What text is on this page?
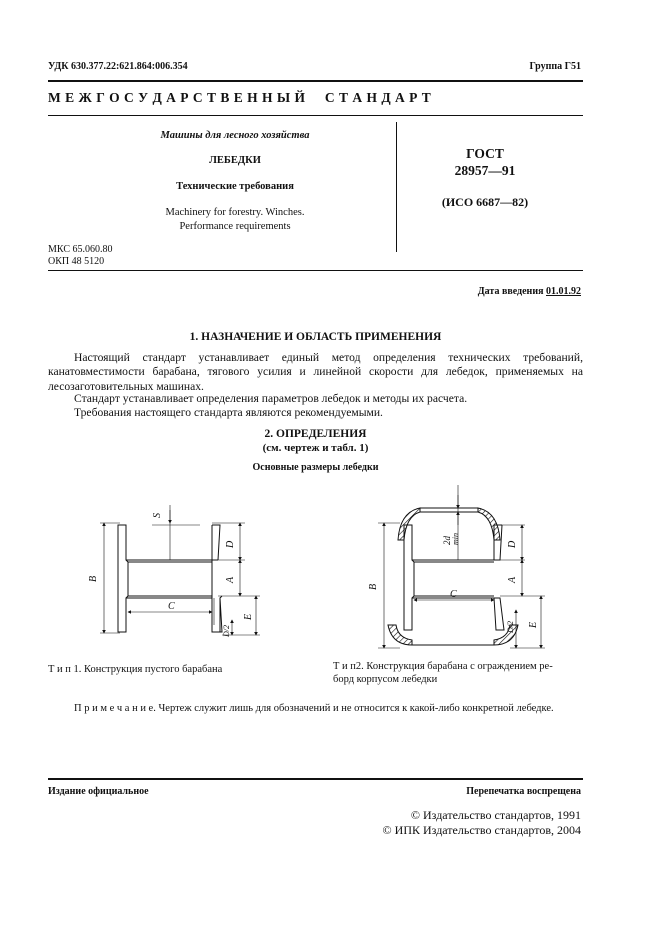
УДК 630.377.22:621.864:006.354	Группа Г51
М Е Ж Г О С У Д А Р С Т В Е Н Н Ы Й     С Т А Н Д А Р Т
Машины для лесного хозяйства
ЛЕБЕДКИ
Технические требования
Machinery for forestry. Winches.
Performance requirements
ГОСТ
28957—91
(ИСО 6687—82)
МКС 65.060.80
ОКП 48 5120
Дата введения 01.01.92
1. НАЗНАЧЕНИЕ И ОБЛАСТЬ ПРИМЕНЕНИЯ
Настоящий стандарт устанавливает единый метод определения технических требований, канатовместимости барабана, тягового усилия и линейной скорости для лебедок, применяемых на лесозаготовительных машинах.
Стандарт устанавливает определения параметров лебедок и методы их расчета.
Требования настоящего стандарта являются рекомендуемыми.
2. ОПРЕДЕЛЕНИЯ
(см. чертеж и табл. 1)
Основные размеры лебедки
S
D
A
B
C
E
D/2
Т и п 1. Конструкция пустого барабана
2d min	D
A
B
C
E
D/2
Т и п2. Конструкция барабана с ограждением ре-
борд корпусом лебедки
П р и м е ч а н и е. Чертеж служит лишь для обозначений и не относится к какой-либо конкретной лебедке.
Издание официальное	Перепечатка воспрещена
© Издательство стандартов, 1991
© ИПК Издательство стандартов, 2004
